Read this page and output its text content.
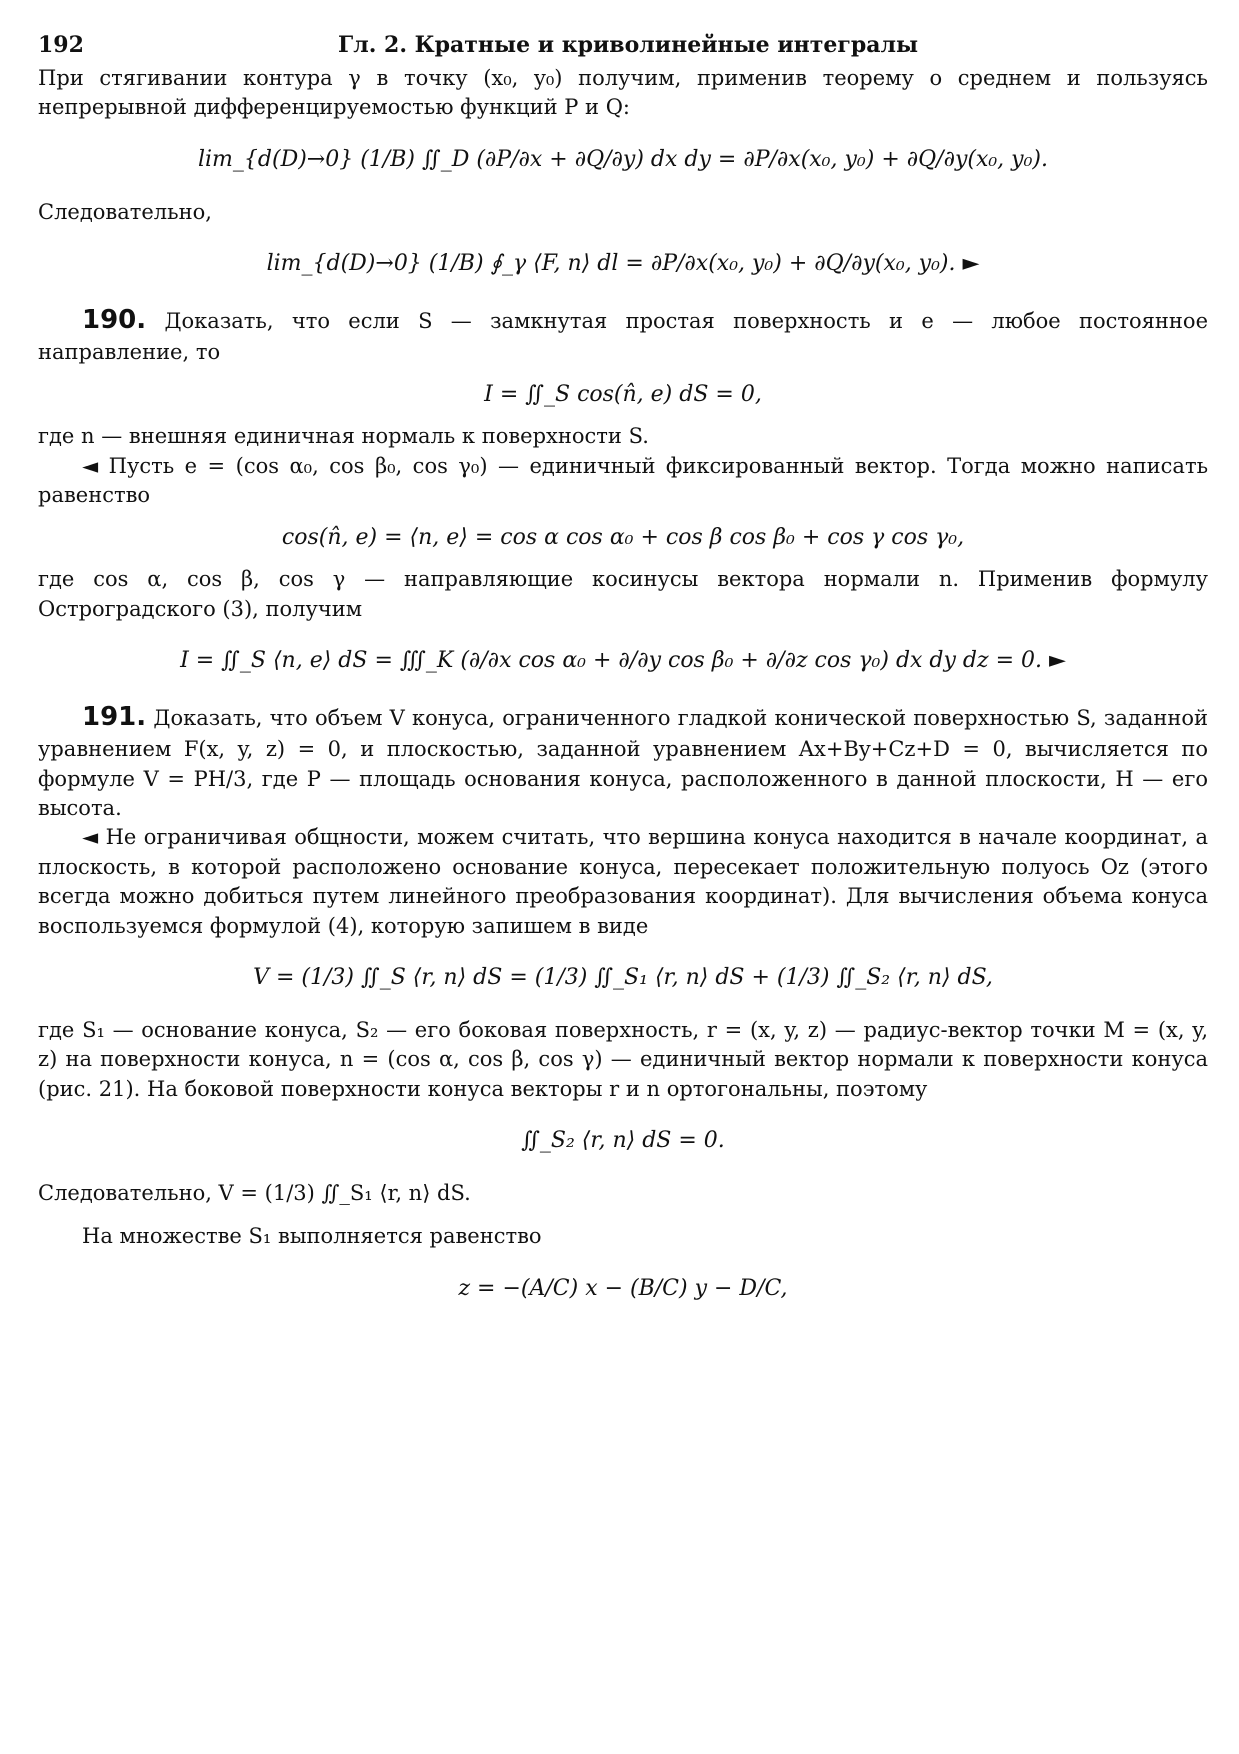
192	Гл. 2. Кратные и криволинейные интегралы

При стягивании контура γ в точку (x₀, y₀) получим, применив теорему о среднем и пользуясь непрерывной дифференцируемостью функций P и Q:

lim_{d(D)→0} (1/B) ∬_D (∂P/∂x + ∂Q/∂y) dx dy = ∂P/∂x(x₀, y₀) + ∂Q/∂y(x₀, y₀).

Следовательно,

lim_{d(D)→0} (1/B) ∮_γ ⟨F, n⟩ dl = ∂P/∂x(x₀, y₀) + ∂Q/∂y(x₀, y₀). ►

190. Доказать, что если S — замкнутая простая поверхность и e — любое постоянное направление, то

I = ∬_S cos(n̂, e) dS = 0,

где n — внешняя единичная нормаль к поверхности S.

◄ Пусть e = (cos α₀, cos β₀, cos γ₀) — единичный фиксированный вектор. Тогда можно написать равенство

cos(n̂, e) = ⟨n, e⟩ = cos α cos α₀ + cos β cos β₀ + cos γ cos γ₀,

где cos α, cos β, cos γ — направляющие косинусы вектора нормали n. Применив формулу Остроградского (3), получим

I = ∬_S ⟨n, e⟩ dS = ∭_K (∂/∂x cos α₀ + ∂/∂y cos β₀ + ∂/∂z cos γ₀) dx dy dz = 0. ►

191. Доказать, что объем V конуса, ограниченного гладкой конической поверхностью S, заданной уравнением F(x, y, z) = 0, и плоскостью, заданной уравнением Ax+By+Cz+D = 0, вычисляется по формуле V = PH/3, где P — площадь основания конуса, расположенного в данной плоскости, H — его высота.

◄ Не ограничивая общности, можем считать, что вершина конуса находится в начале координат, а плоскость, в которой расположено основание конуса, пересекает положительную полуось Oz (этого всегда можно добиться путем линейного преобразования координат). Для вычисления объема конуса воспользуемся формулой (4), которую запишем в виде

V = (1/3) ∬_S ⟨r, n⟩ dS = (1/3) ∬_S₁ ⟨r, n⟩ dS + (1/3) ∬_S₂ ⟨r, n⟩ dS,

где S₁ — основание конуса, S₂ — его боковая поверхность, r = (x, y, z) — радиус-вектор точки M = (x, y, z) на поверхности конуса, n = (cos α, cos β, cos γ) — единичный вектор нормали к поверхности конуса (рис. 21). На боковой поверхности конуса векторы r и n ортогональны, поэтому

∬_S₂ ⟨r, n⟩ dS = 0.

Следовательно, V = (1/3) ∬_S₁ ⟨r, n⟩ dS.

На множестве S₁ выполняется равенство

z = −(A/C) x − (B/C) y − D/C,
